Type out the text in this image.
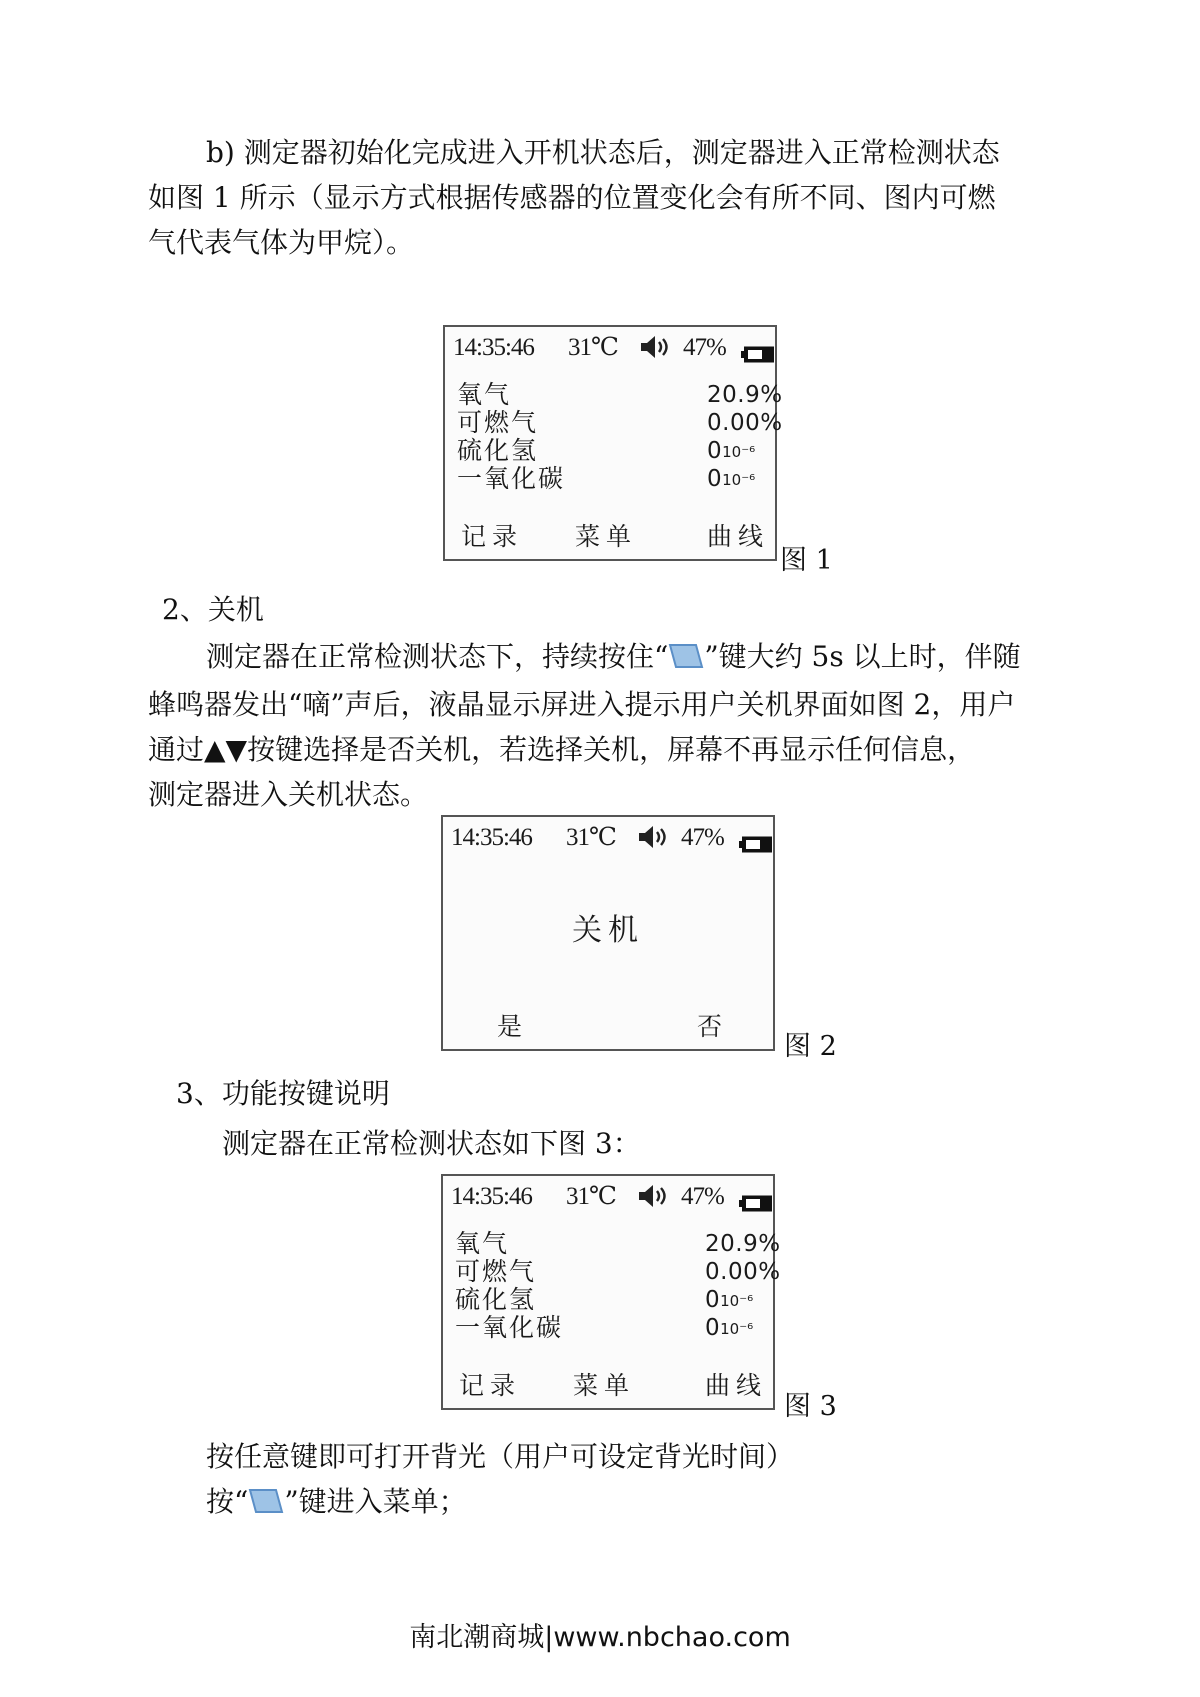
b) 测定器初始化完成进入开机状态后，测定器进入正常检测状态

如图 1 所示（显示方式根据传感器的位置变化会有所不同、图内可燃

气代表气体为甲烷）。

14:35:46 31℃	47%
氧气	20.9%
可燃气	0.00%
硫化氢	010⁻⁶
一氧化碳	010⁻⁶
记录 菜单	曲线
图 1
2、关机

测定器在正常检测状态下，持续按住“ ”键大约 5s 以上时，伴随

蜂鸣器发出“嘀”声后，液晶显示屏进入提示用户关机界面如图 2，用户

通过▲▼按键选择是否关机，若选择关机，屏幕不再显示任何信息，

测定器进入关机状态。

14:35:46 31℃	47%
关机
是	否
图 2
3、功能按键说明
测定器在正常检测状态如下图 3：
14:35:46 31℃	47%
氧气	20.9%
可燃气	0.00%
硫化氢	010⁻⁶
一氧化碳	010⁻⁶
记录 菜单	曲线
图 3

按任意键即可打开背光（用户可设定背光时间）

按“ ”键进入菜单；

南北潮商城|www.nbchao.com
